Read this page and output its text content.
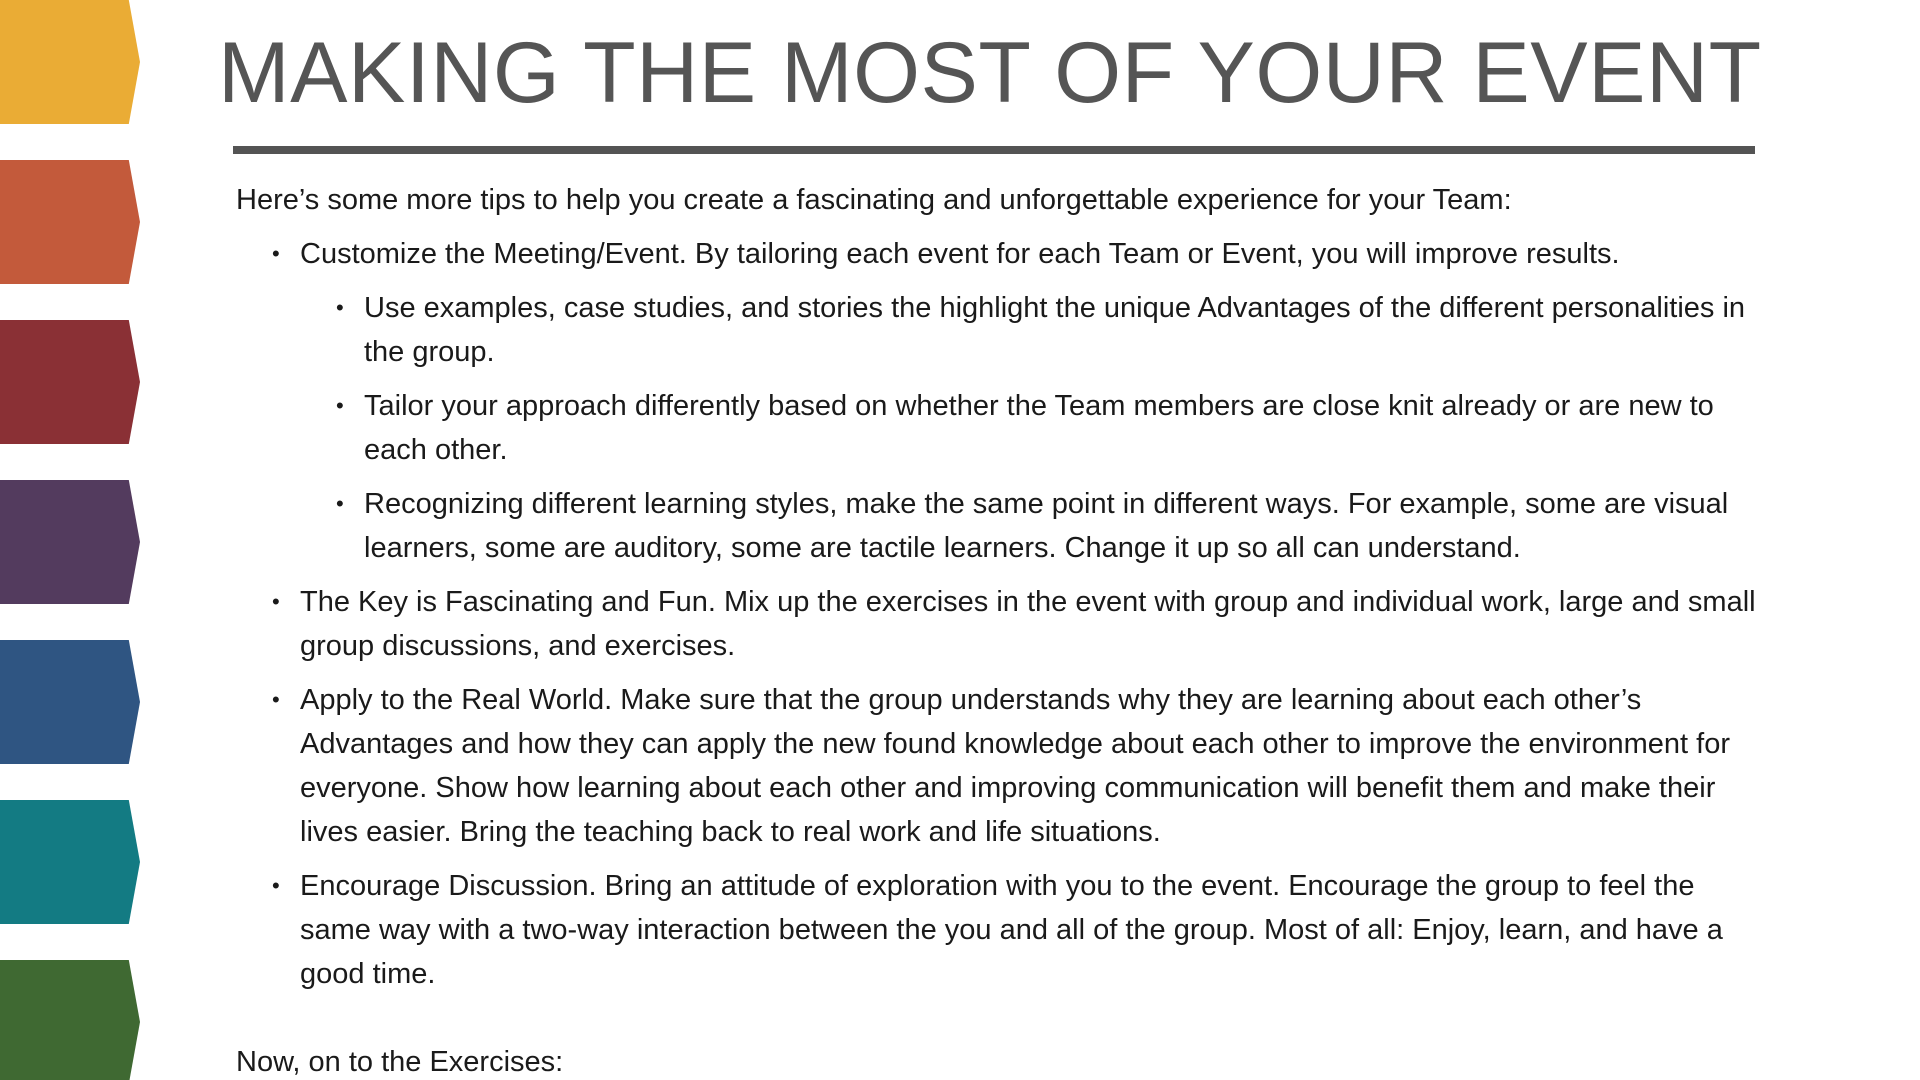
MAKING THE MOST OF YOUR EVENT

Here’s some more tips to help you create a fascinating and unforgettable experience for your Team:

• Customize the Meeting/Event. By tailoring each event for each Team or Event, you will improve results.
• Use examples, case studies, and stories the highlight the unique Advantages of the different personalities in the group.
• Tailor your approach differently based on whether the Team members are close knit already or are new to each other.
• Recognizing different learning styles, make the same point in different ways. For example, some are visual learners, some are auditory, some are tactile learners. Change it up so all can understand.
• The Key is Fascinating and Fun. Mix up the exercises in the event with group and individual work, large and small group discussions, and exercises.
• Apply to the Real World. Make sure that the group understands why they are learning about each other’s Advantages and how they can apply the new found knowledge about each other to improve the environment for everyone. Show how learning about each other and improving communication will benefit them and make their lives easier. Bring the teaching back to real work and life situations.
• Encourage Discussion. Bring an attitude of exploration with you to the event. Encourage the group to feel the same way with a two-way interaction between the you and all of the group. Most of all: Enjoy, learn, and have a good time.

Now, on to the Exercises:
